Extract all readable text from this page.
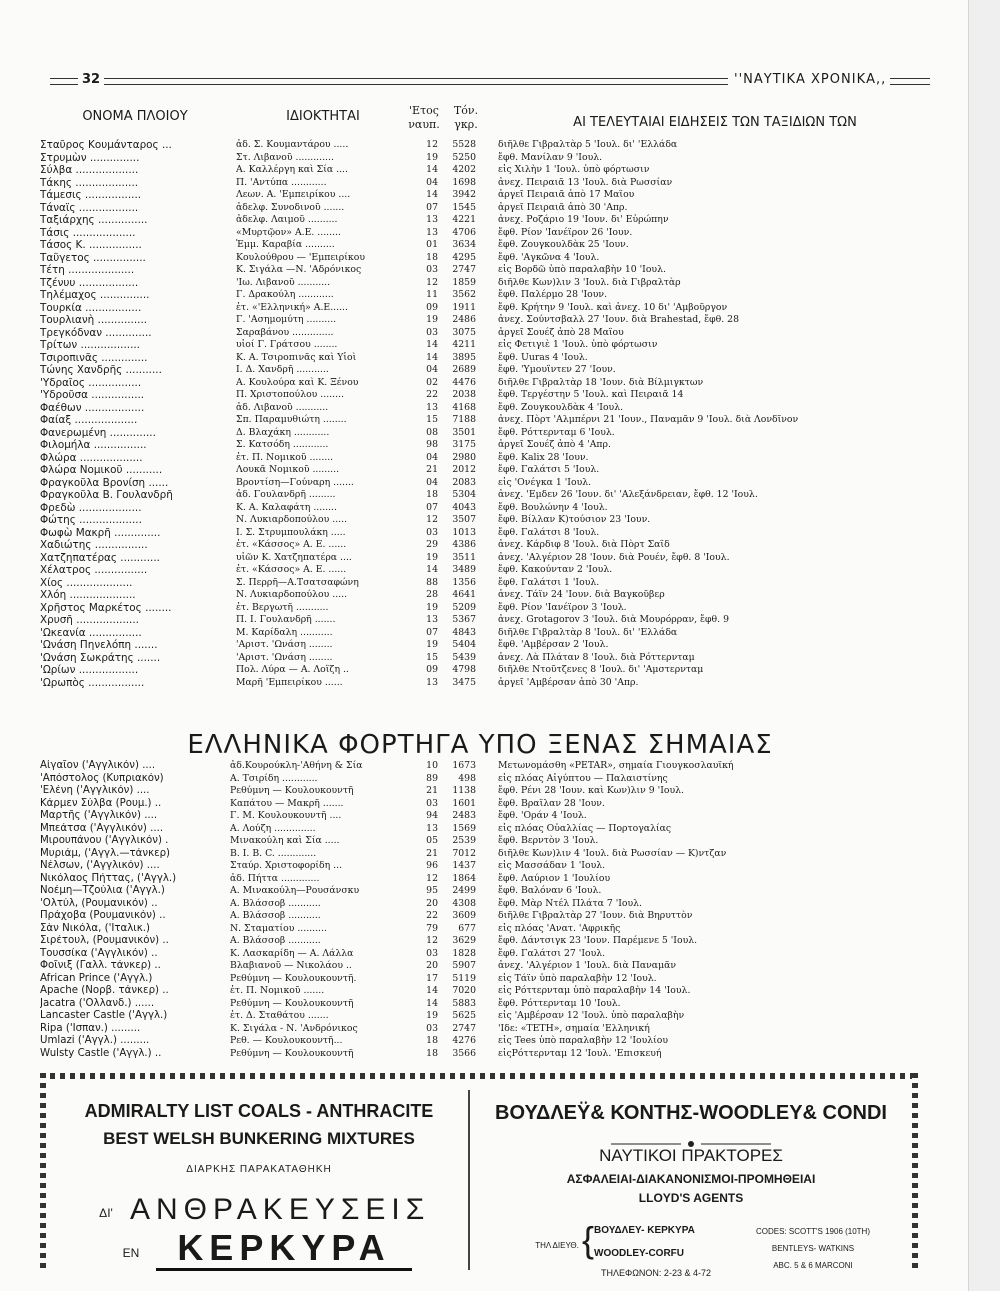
32	''ΝΑΥΤΙΚΑ ΧΡΟΝΙΚΑ,,
ΟΝΟΜΑ ΠΛΟΙΟΥ	ΙΔΙΟΚΤΗΤΑΙ	'Ετος
ναυπ.
Τόν.
γκρ.	ΑΙ ΤΕΛΕΥΤΑΙΑΙ ΕΙΔΗΣΕΙΣ ΤΩΝ ΤΑΞΙΔΙΩΝ ΤΩΝ
Σταῦρος Κουμάνταρος ...	ἀδ. Σ. Κουμαντάρου .....	12	5528 διῆλθε Γιβραλτὰρ 5 'Ιουλ. δι' 'Ελλάδα
Στρυμὼν ...............	Στ. Λιβανοῦ .............	19	5250 ἔφθ. Μανίλαν 9 'Ιουλ.
Σύλβα ...................	Α. Καλλέργη καὶ Σία ....	14	4202 εἰς Χιλὴν 1 'Ιουλ. ὑπὸ φόρτωσιν
Τάκης ...................	Π. 'Αντύπα ............	04	1698 ἀνεχ. Πειραιᾶ 13 'Ιουλ. διὰ Ρωσσίαν
Τάμεσις .................	Λεων. Α. 'Εμπειρίκου ....	14	3942 ἀργεῖ Πειραιᾶ ἀπὸ 17 Μαΐου
Τάναϊς ..................	ἀδελφ. Συνοδινοῦ .......	07	1545 ἀργεῖ Πειραιᾶ ἀπὸ 30 'Απρ.
Ταξιάρχης ...............	ἀδελφ. Λαιμοῦ ..........	13	4221 ἀνεχ. Ροζάριο 19 'Ιουν. δι' Εὐρώπην
Τάσις ...................	«Μυρτῷον» Α.Ε. ........	13	4706 ἔφθ. Ρίον 'Ιανέϊρον 26 'Ιουν.
Τάσος Κ. ................	Ἐμμ. Καραβία ..........	01	3634 ἔφθ. Ζουγκουλδὰκ 25 'Ιουν.
Ταΰγετος ................	Κουλούθρου — 'Εμπειρίκου	18	4295 ἔφθ. 'Αγκῶνα 4 'Ιουλ.
Τέτη ....................	Κ. Σιγάλα —Ν. 'Αδρόνικος	03	2747 εἰς Βορδῶ ὑπὸ παραλαβὴν 10 'Ιουλ.
Τζένυυ ..................	'Ιω. Λιβανοῦ ...........	12	1859 διῆλθε Κων)λιν 3 'Ιουλ. διὰ Γιβραλτὰρ
Τηλέμαχος ...............	Γ. Δρακούλη ............	11	3562 ἔφθ. Παλέρμο 28 'Ιουν.
Τουρκία .................	ἐτ. «'Ελληνική» Α.Ε......	09	1911 ἔφθ. Κρήτην 9 'Ιουλ. καὶ ἀνεχ. 10 δι' 'Αμβοῦργον
Τουρλιανὴ ...............	Γ. 'Ασημομύτη ..........	19	2486 ἀνεχ. Σούντσβαλλ 27 'Ιουν. διὰ Brahestad, ἔφθ. 28
Τρεγκόδναν ..............	Σαραβάνου ..............	03	3075 ἀργεῖ Σουέζ ἀπὸ 28 Μαΐου
Τρίτων ..................	υἱοί Γ. Γράτσου ........	14	4211 εἰς Φετιγιὲ 1 'Ιουλ. ὑπὸ φόρτωσιν
Τσιροπινᾶς ..............	Κ. Α. Τσιροπινᾶς καὶ Υἱοὶ	14	3895 ἔφθ. Uuras 4 'Ιουλ.
Τώνης Χανδρῆς ...........	Ι. Δ. Χανδρῆ ...........	04	2689 ἔφθ. 'Υμουΐντεν 27 'Ιουν.
'Υδραῖος ................	Α. Κουλούρα καὶ Κ. Ξένου	02	4476 διῆλθε Γιβραλτὰρ 18 'Ιουν. διὰ Βίλμιγκτων
'Υδροῦσα ................	Π. Χριστοπούλου ........	22	2038 ἔφθ. Τεργέστην 5 'Ιουλ. καὶ Πειραιᾶ 14
Φαέθων ..................	ἀδ. Λιβανοῦ ...........	13	4168 ἔφθ. Ζουγκουλδὰκ 4 'Ιουλ.
Φαίαξ ...................	Σπ. Παραμυθιώτη ........	15	7188 ἀνεχ. Πὸρτ 'Αλμπέρνι 21 'Ιουν., Παναμᾶν 9 'Ιουλ. διὰ Λονδῖνον
Φανερωμένη ..............	Δ. Βλαχάκη ............	08	3501 ἔφθ. Ρόττερνταμ 6 'Ιουλ.
Φιλομήλα ................	Σ. Κατσόδη ............	98	3175 ἀργεῖ Σουέζ ἀπὸ 4 'Απρ.
Φλώρα ...................	ἐτ. Π. Νομικοῦ ........	04	2980 ἔφθ. Kalix 28 'Ιουν.
Φλώρα Νομικοῦ ...........	Λουκᾶ Νομικοῦ .........	21	2012 ἔφθ. Γαλάτσι 5 'Ιουλ.
Φραγκοῦλα Βρονίση ......	Βροντίση—Γούναρη .......	04	2083 εἰς 'Ονέγκα 1 'Ιουλ.
Φραγκοῦλα Β. Γουλανδρῆ	ἀδ. Γουλανδρῆ .........	18	5304 ἀνεχ. 'Εμδεν 26 'Ιουν. δι' 'Αλεξάνδρειαν, ἔφθ. 12 'Ιουλ.
Φρεδὼ ...................	Κ. Α. Καλαφάτη ........	07	4043 ἔφθ. Βουλώνην 4 'Ιουλ.
Φώτης ...................	Ν. Λυκιαρδοπούλου .....	12	3507 ἔφθ. Βίλλαν Κ)τούσιον 23 'Ιουν.
Φωφὼ Μακρῆ ..............	Ι. Σ. Στρυμπουλάκη .....	03	1013 ἔφθ. Γαλάτσι 8 'Ιουλ.
Χαδιώτης ................	ἐτ. «Κάσσος» Α. Ε. ......	29	4386 ἀνεχ. Κάρδιφ 8 'Ιουλ. διὰ Πὸρτ Σαΐδ
Χατζηπατέρας ............	υἱῶν Κ. Χατζηπατέρα ....	19	3511 ἀνεχ. 'Αλγέριον 28 'Ιουν. διὰ Ρουέν, ἔφθ. 8 'Ιουλ.
Χέλατρος ................	ἐτ. «Κάσσος» Α. Ε. ......	14	3489 ἔφθ. Κακούνταν 2 'Ιουλ.
Χίος ....................	Σ. Περρῆ—Α.Τσατσαφώνη	88	1356 ἔφθ. Γαλάτσι 1 'Ιουλ.
Χλόη ....................	Ν. Λυκιαρδοπούλου .....	28	4641 ἀνεχ. Τάϊν 24 'Ιουν. διὰ Βαγκοῦβερ
Χρῆστος Μαρκέτος ........	ἐτ. Βεργωτῆ ...........	19	5209 ἔφθ. Ρίον 'Ιανέϊρον 3 'Ιουλ.
Χρυσῆ ...................	Π. Ι. Γουλανδρῆ .......	13	5367 ἀνεχ. Grotagorov 3 'Ιουλ. διὰ Μουρόρραν, ἔφθ. 9
'Ωκεανία ................	Μ. Καρίδαλη ...........	07	4843 διῆλθε Γιβραλτὰρ 8 'Ιουλ. δι' 'Ελλάδα
'Ωνάση Πηνελόπη .......	'Αριστ. 'Ωνάση ........	19	5404 ἔφθ. 'Αμβέρσαν 2 'Ιουλ.
'Ωνάση Σωκράτης .......	'Αριστ. 'Ωνάση ........	15	5439 ἀνεχ. Λὰ Πλάταν 8 'Ιουλ. διὰ Ρόττερνταμ
'Ωρίων ..................	Πολ. Λύρα — Α. Λοΐζη ..	09	4798 διῆλθε Ντοῦτζενες 8 'Ιουλ. δι' 'Αμστερνταμ
'Ωρωπὸς .................	Μαρῆ 'Εμπειρίκου ......	13	3475 ἀργεῖ 'Αμβέρσαν ἀπὸ 30 'Απρ.
ΕΛΛΗΝΙΚΑ ΦΟΡΤΗΓΑ ΥΠΟ ΞΕΝΑΣ ΣΗΜΑΙΑΣ
Αἰγαῖον ('Αγγλικόν) ....	ἀδ.Κουρούκλη-'Αθήνη & Σία	10	1673 Μετωνομάσθη «PETAR», σημαία Γιουγκοσλαυϊκή
'Απόστολος (Κυπριακόν)	Α. Τσιρίδη ............	89	498 εἰς πλόας Αἰγύπτου — Παλαιστίνης
'Ελένη ('Αγγλικόν) ....	Ρεθύμνη — Κουλουκουντῆ	21	1138 ἔφθ. Ρένι 28 'Ιουν. καὶ Κων)λιν 9 'Ιουλ.
Κάρμεν Σύλβα (Ρουμ.) ..	Καπάτου — Μακρῆ .......	03	1601 ἔφθ. Βραΐλαν 28 'Ιουν.
Μαρτῆς ('Αγγλικόν) ....	Γ. Μ. Κουλουκουντῆ ....	94	2483 ἔφθ. 'Οράν 4 'Ιουλ.
Μπεάτσα ('Αγγλικόν) ....	Α. Λούζη ..............	13	1569 εἰς πλόας Οὐαλλίας — Πορτογαλίας
Μιρουπάνου ('Αγγλικόν) .	Μινακούλη καὶ Σία .....	05	2539 ἔφθ. Βερντὸν 3 'Ιουλ.
Μυριάμ, ('Αγγλ.—τάνκερ)	Β. Ι. Β. C. .............	21	7012 διῆλθε Κων)λιν 4 'Ιουλ. διὰ Ρωσσίαν — Κ)ντζαν
Νέλσων, ('Αγγλικόν) ....	Σταύρ. Χριστοφορίδη ...	96	1437 εἰς Μασσάδαν 1 'Ιουλ.
Νικόλαος Πήττας, ('Αγγλ.)	ἀδ. Πήττα .............	12	1864 ἔφθ. Λαύριον 1 'Ιουλίου
Νοέμη—Τζούλια ('Αγγλ.)	Α. Μινακούλη—Ρουσάνσκυ	95	2499 ἔφθ. Βαλόναν 6 'Ιουλ.
'Ολτύλ, (Ρουμανικόν) ..	Α. Βλάσσοβ ...........	20	4308 ἔφθ. Μὰρ Ντέλ Πλάτα 7 'Ιουλ.
Πράχοβα (Ρουμανικόν) ..	Α. Βλάσσοβ ...........	22	3609 διῆλθε Γιβραλτὰρ 27 'Ιουν. διὰ Βηρυττὸν
Σὰν Νικόλα, ('Ιταλικ.)	Ν. Σταματίου ..........	79	677 εἰς πλόας 'Ανατ. 'Αφρικῆς
Σιρέτουλ, (Ρουμανικόν) ..	Α. Βλάσσοβ ...........	12	3629 ἔφθ. Δάντσιγκ 23 'Ιουν. Παρέμενε 5 'Ιουλ.
Τουσσίκα ('Αγγλικόν) ..	Κ. Λασκαρίδη — Α. Λάλλα	03	1828 ἔφθ. Γαλάτσι 27 'Ιουλ.
Φοῖνιξ (Γαλλ. τάνκερ) ..	Βλαβιανοῦ — Νικολάου ..	20	5907 ἀνεχ. 'Αλγέριον 1 'Ιουλ. διὰ Παναμᾶν
African Prince ('Αγγλ.)	Ρεθύμνη — Κουλουκουντῆ.	17	5119 εἰς Τάϊν ὑπὸ παραλαβὴν 12 'Ιουλ.
Apache (Νορβ. τάνκερ) ..	ἐτ. Π. Νομικοῦ .......	14	7020 εἰς Ρόττερνταμ ὑπὸ παραλαβὴν 14 'Ιουλ.
Jacatra ('Ολλανδ.) ......	Ρεθύμνη — Κουλουκουντῆ	14	5883 ἔφθ. Ρόττερνταμ 10 'Ιουλ.
Lancaster Castle ('Αγγλ.)	ἐτ. Δ. Σταθάτου .......	19	5625 εἰς 'Αμβέρσαν 12 'Ιουλ. ὑπὸ παραλαβὴν
Ripa ('Ισπαν.) .........	Κ. Σιγάλα - Ν. 'Ανδρόνικος	03	2747 'Ιδε: «ΤΕΤΗ», σημαία 'Ελληνική
Umlazi ('Αγγλ.) .........	Ρεθ. — Κουλουκουντῆ...	18	4276 εἰς Tees ὑπὸ παραλαβὴν 12 'Ιουλίου
Wulsty Castle ('Αγγλ.) ..	Ρεθύμνη — Κουλουκουντῆ	18	3566 εἰςΡόττερνταμ 12 'Ιουλ. 'Επισκευή
ADMIRALTY LIST COALS - ANTHRACITE
BEST WELSH BUNKERING MIXTURES
ΔΙΑΡΚΗΣ ΠΑΡΑΚΑΤΑΘΗΚΗ
ΔΙ' ΑΝΘΡΑΚΕΥΣΕΙΣ
ΕΝ	ΚΕΡΚΥΡΑ
ΒΟΥΔΛΕΫ& ΚΟΝΤΗΣ-WOODLEY& CONDI
ΝΑΥΤΙΚΟΙ ΠΡΑΚΤΟΡΕΣ
ΑΣΦΑΛΕΙΑΙ-ΔΙΑΚΑΝΟΝΙΣΜΟΙ-ΠΡΟΜΗΘΕΙΑΙ
LLOYD'S AGENTS
ΤΗΛ ΔΙΕΥΘ. { ΒΟΥΔΛΕΥ- ΚΕΡΚΥΡΑ
WOODLEY-CORFU
CODES: SCOTT'S 1906 (10TH)
BENTLEYS- WATKINS
ABC. 5 & 6 MARCONI
ΤΗΛΕΦΩΝΟΝ: 2-23 & 4-72
